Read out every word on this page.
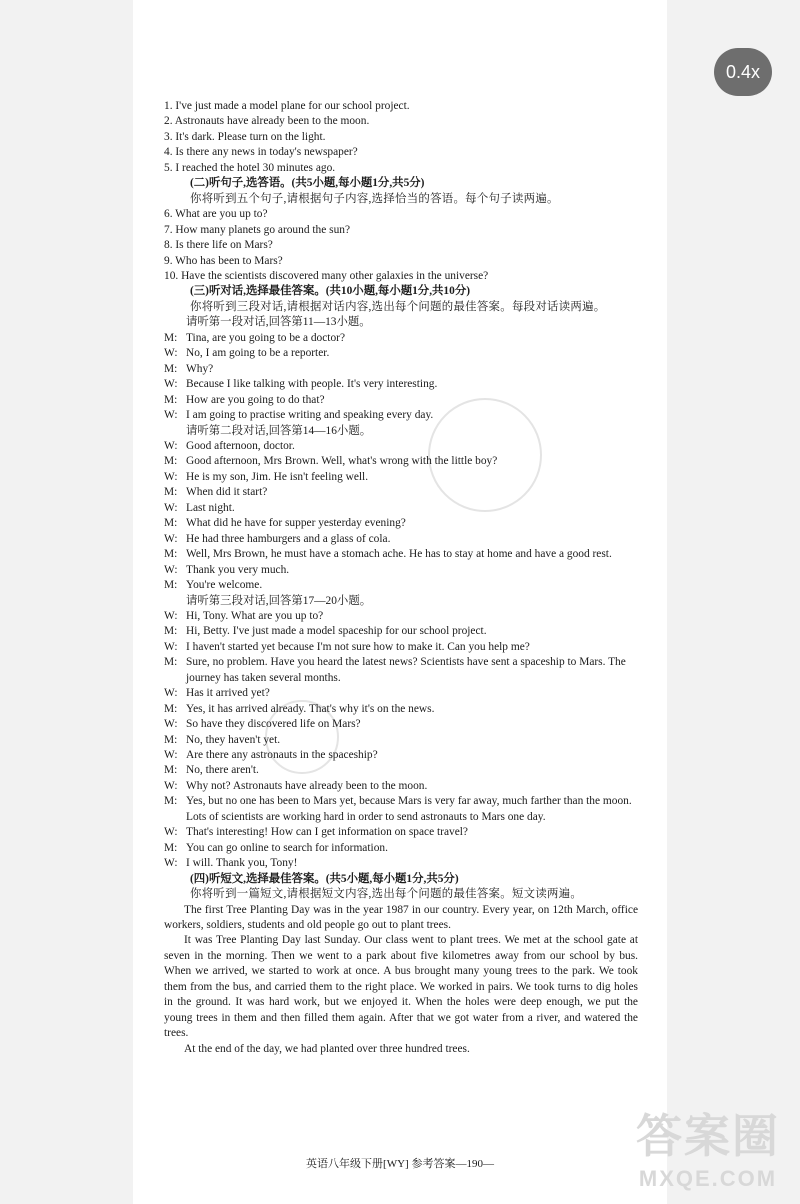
0.4x
1. I've just made a model plane for our school project.
2. Astronauts have already been to the moon.
3. It's dark. Please turn on the light.
4. Is there any news in today's newspaper?
5. I reached the hotel 30 minutes ago.
(二)听句子,选答语。(共5小题,每小题1分,共5分)
你将听到五个句子,请根据句子内容,选择恰当的答语。每个句子读两遍。
6. What are you up to?
7. How many planets go around the sun?
8. Is there life on Mars?
9. Who has been to Mars?
10. Have the scientists discovered many other galaxies in the universe?
(三)听对话,选择最佳答案。(共10小题,每小题1分,共10分)
你将听到三段对话,请根据对话内容,选出每个问题的最佳答案。每段对话读两遍。
请听第一段对话,回答第11—13小题。
M: Tina, are you going to be a doctor?
W: No, I am going to be a reporter.
M: Why?
W: Because I like talking with people. It's very interesting.
M: How are you going to do that?
W: I am going to practise writing and speaking every day.
请听第二段对话,回答第14—16小题。
W: Good afternoon, doctor.
M: Good afternoon, Mrs Brown. Well, what's wrong with the little boy?
W: He is my son, Jim. He isn't feeling well.
M: When did it start?
W: Last night.
M: What did he have for supper yesterday evening?
W: He had three hamburgers and a glass of cola.
M: Well, Mrs Brown, he must have a stomach ache. He has to stay at home and have a good rest.
W: Thank you very much.
M: You're welcome.
请听第三段对话,回答第17—20小题。
W: Hi, Tony. What are you up to?
M: Hi, Betty. I've just made a model spaceship for our school project.
W: I haven't started yet because I'm not sure how to make it. Can you help me?
M: Sure, no problem. Have you heard the latest news? Scientists have sent a spaceship to Mars. The journey has taken several months.
W: Has it arrived yet?
M: Yes, it has arrived already. That's why it's on the news.
W: So have they discovered life on Mars?
M: No, they haven't yet.
W: Are there any astronauts in the spaceship?
M: No, there aren't.
W: Why not? Astronauts have already been to the moon.
M: Yes, but no one has been to Mars yet, because Mars is very far away, much farther than the moon. Lots of scientists are working hard in order to send astronauts to Mars one day.
W: That's interesting! How can I get information on space travel?
M: You can go online to search for information.
W: I will. Thank you, Tony!
(四)听短文,选择最佳答案。(共5小题,每小题1分,共5分)
你将听到一篇短文,请根据短文内容,选出每个问题的最佳答案。短文读两遍。
The first Tree Planting Day was in the year 1987 in our country. Every year, on 12th March, office workers, soldiers, students and old people go out to plant trees.
It was Tree Planting Day last Sunday. Our class went to plant trees. We met at the school gate at seven in the morning. Then we went to a park about five kilometres away from our school by bus. When we arrived, we started to work at once. A bus brought many young trees to the park. We took them from the bus, and carried them to the right place. We worked in pairs. We took turns to dig holes in the ground. It was hard work, but we enjoyed it. When the holes were deep enough, we put the young trees in them and then filled them again. After that we got water from a river, and watered the trees.
At the end of the day, we had planted over three hundred trees.
英语八年级下册[WY] 参考答案—190—
答案圈
MXQE.COM
